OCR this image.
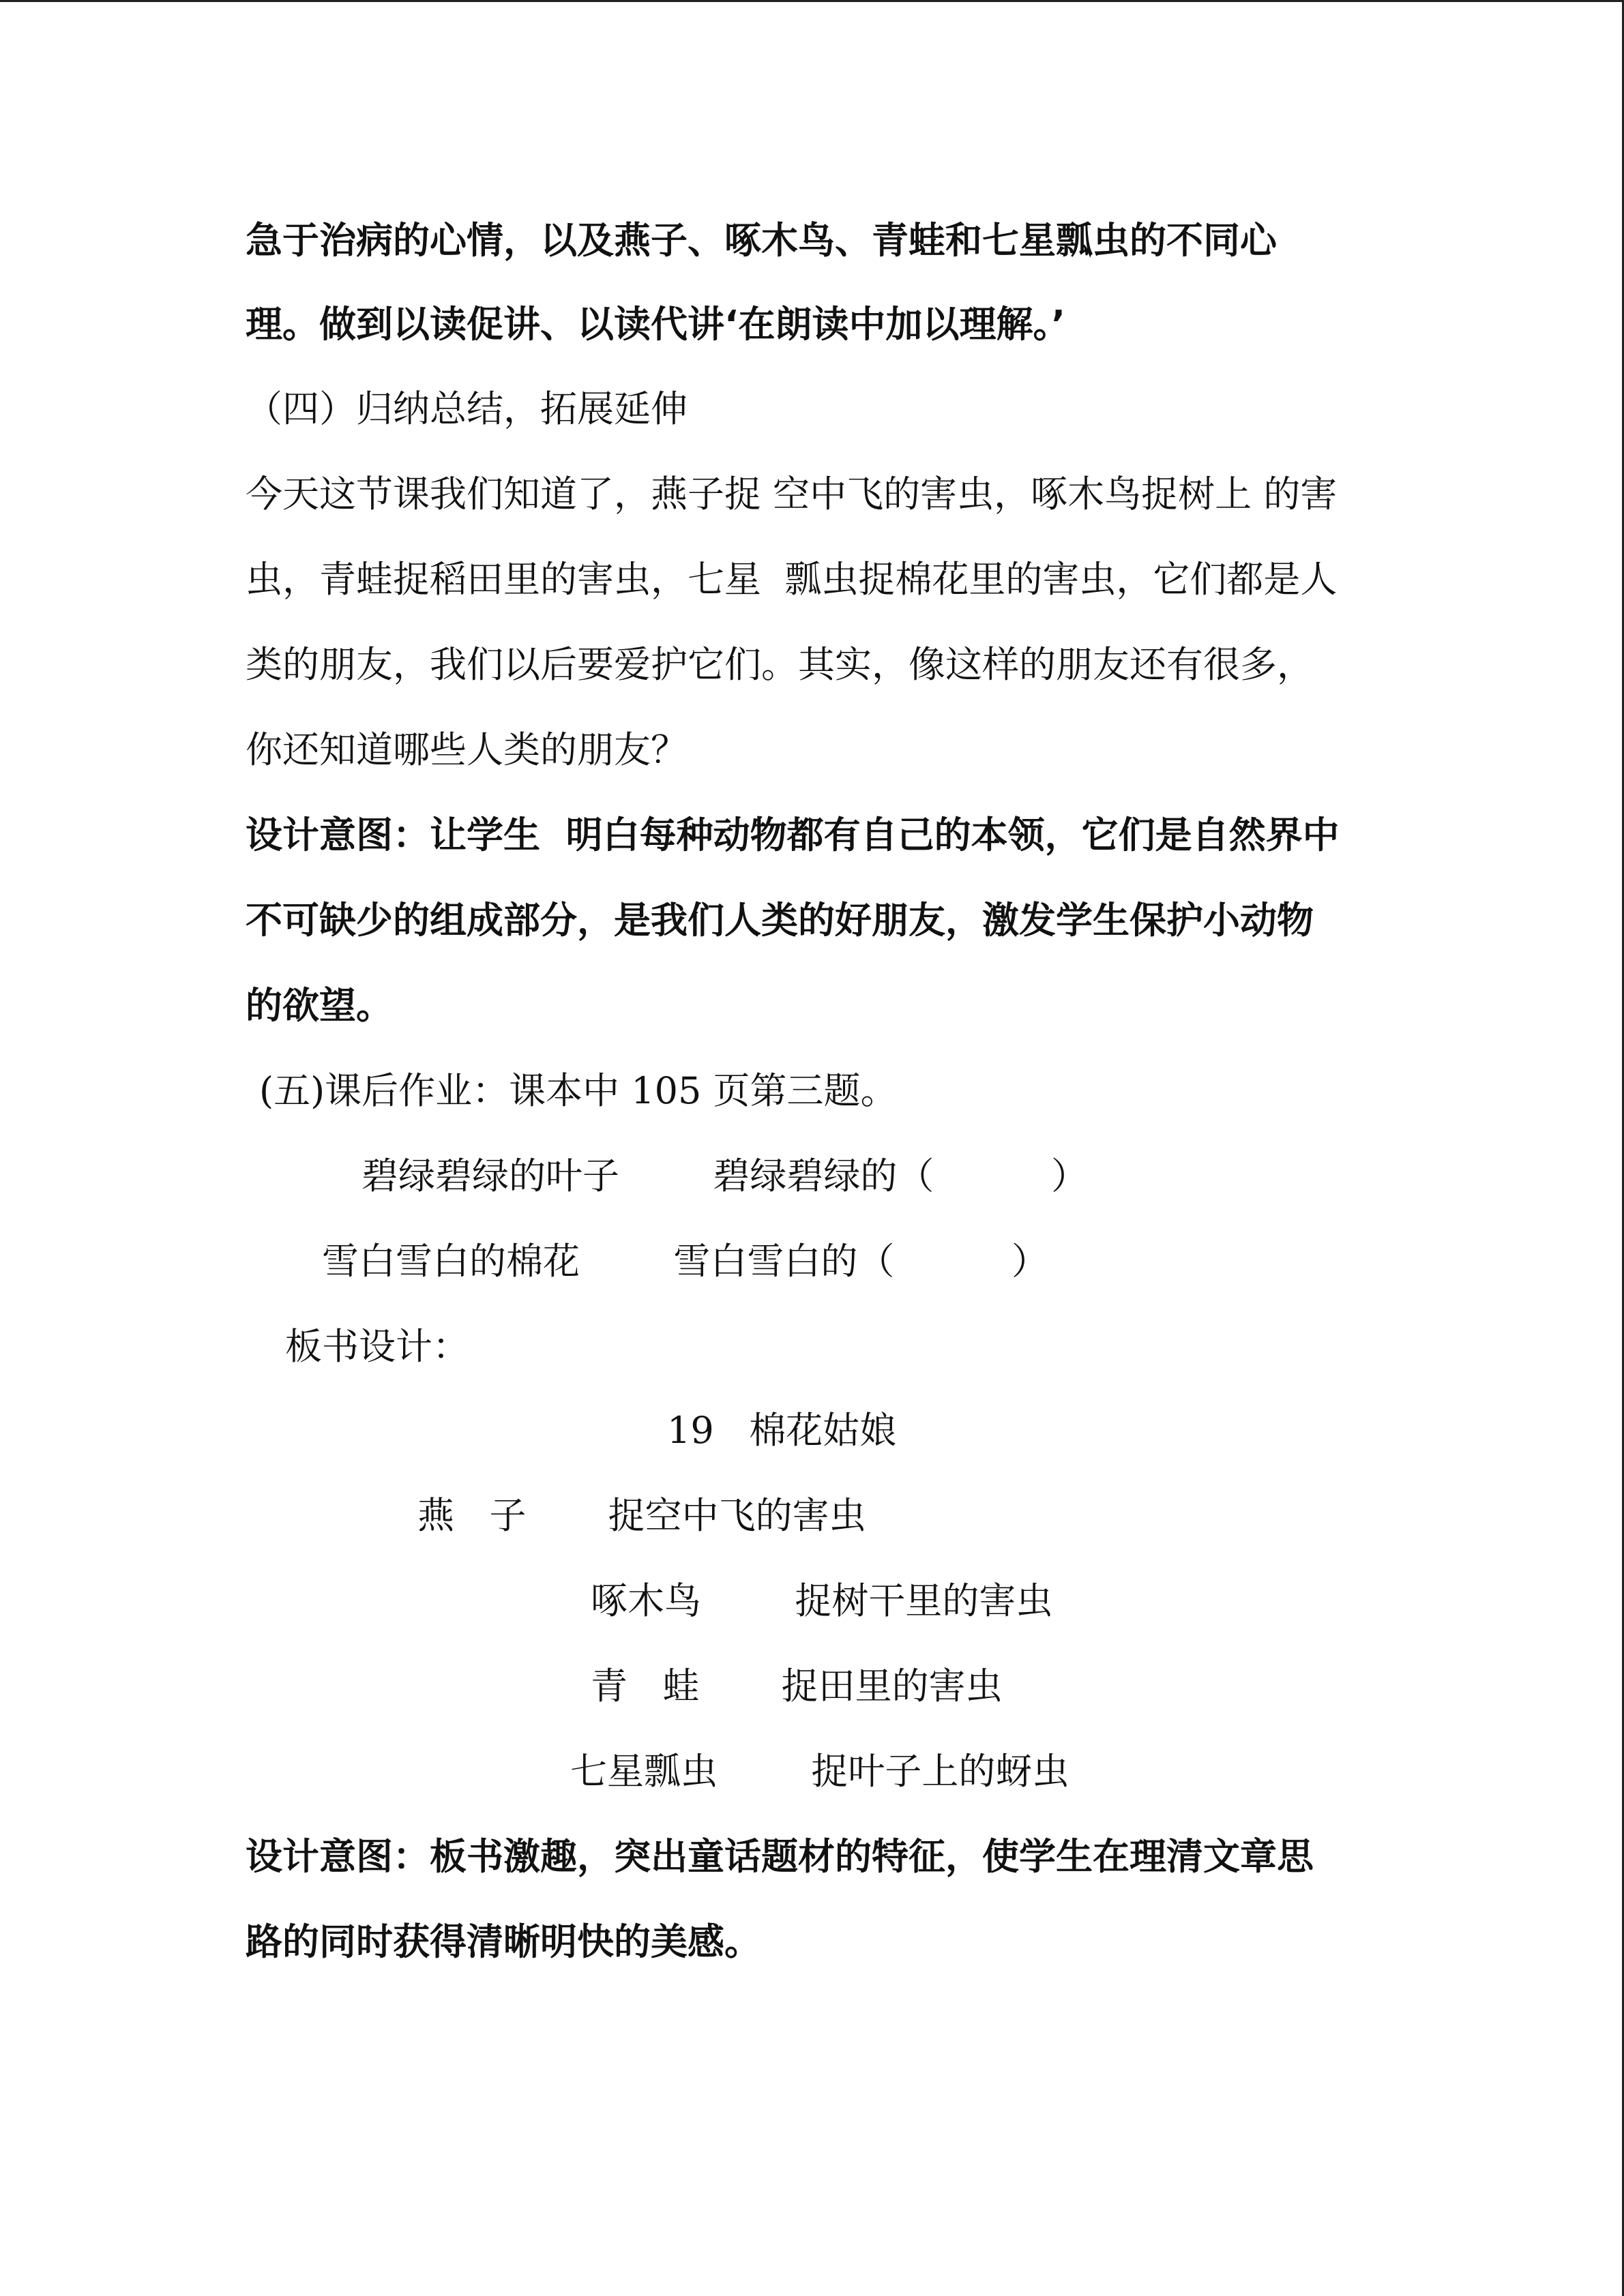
急于治病的心情，以及燕子、啄木鸟、青蛙和七星瓢虫的不同心

理。做到以读促讲、以读代讲‘在朗读中加以理解。’

（四）归纳总结，拓展延伸

今天这节课我们知道了，燕子捉 空中飞的害虫，啄木鸟捉树上 的害

虫，青蛙捉稻田里的害虫，七星  瓢虫捉棉花里的害虫，它们都是人

类的朋友，我们以后要爱护它们。其实，像这样的朋友还有很多，

你还知道哪些人类的朋友？

设计意图：让学生  明白每种动物都有自己的本领，它们是自然界中

不可缺少的组成部分，是我们人类的好朋友，激发学生保护小动物

的欲望。

(五)课后作业：课本中 105 页第三题。

碧绿碧绿的叶子        碧绿碧绿的（          ）

雪白雪白的棉花        雪白雪白的（          ）

板书设计：

19   棉花姑娘

燕   子       捉空中飞的害虫

啄木鸟        捉树干里的害虫

青   蛙       捉田里的害虫

七星瓢虫        捉叶子上的蚜虫

设计意图：板书激趣，突出童话题材的特征，使学生在理清文章思

路的同时获得清晰明快的美感。
